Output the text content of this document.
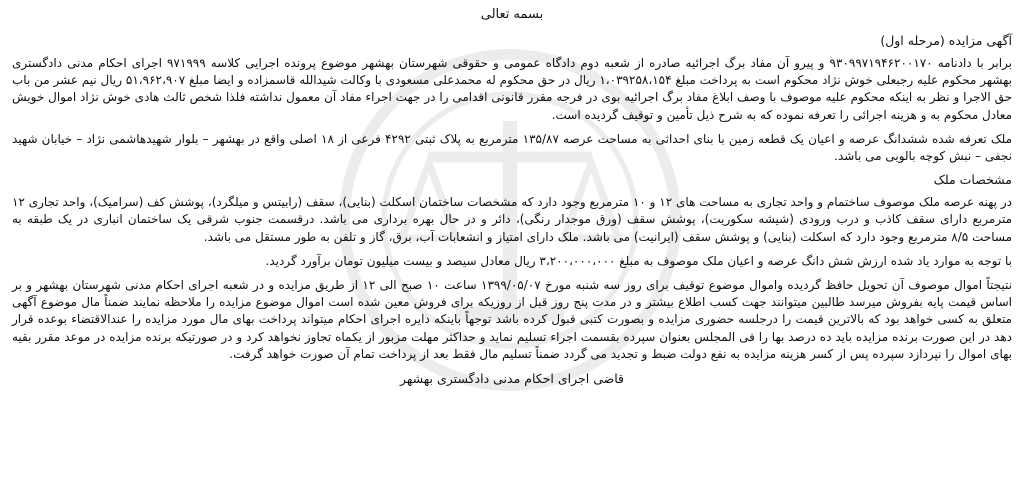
بسمه تعالی

آگهی مزایده (مرحله اول)

برابر با دادنامه ۹۳۰۹۹۷۱۹۴۶۲۰۰۱۷۰ و پیرو آن مفاد برگ اجرائیه صادره از شعبه دوم دادگاه عمومی و حقوقی شهرستان بهشهر موضوع پرونده اجرایی کلاسه ۹۷۱۹۹۹ اجرای احکام مدنی دادگستری بهشهر محکوم علیه رجبعلی خوش نژاد محکوم است به پرداخت مبلغ ۱،۰۳۹۲۵۸،۱۵۴ ریال در حق محکوم له محمدعلی مسعودی با وکالت شیدالله قاسمزاده و ایضا مبلغ ۵۱،۹۶۲،۹۰۷ ریال نیم عشر من باب حق الاجرا و نظر به اینکه محکوم علیه موصوف با وصف ابلاغ مفاد برگ اجرائیه بوی در فرجه مقرر قانونی اقدامی را در جهت اجراء مفاد آن معمول نداشته فلذا شخص ثالث هادی خوش نژاد اموال خویش معادل محکوم به و هزینه اجرائی را تعرفه نموده که به شرح ذیل تأمین و توقیف گردیده است.

ملک تعرفه شده ششدانگ عرصه و اعیان یک قطعه زمین با بنای احداثی به مساحت عرصه ۱۳۵/۸۷ مترمربع به پلاک ثبتی ۴۲۹۲ فرعی از ۱۸ اصلی واقع در بهشهر – بلوار شهیدهاشمی نژاد – خیابان شهید نجفی – نبش کوچه بالویی می باشد.

مشخصات ملک

در پهنه عرصه ملک موصوف ساختمام و واحد تجاری به مساحت های ۱۲ و ۱۰ مترمربع وجود دارد که مشخصات ساختمان اسکلت (بنایی)، سقف (رابیتس و میلگرد)، پوشش کف (سرامیک)، واحد تجاری ۱۲ مترمربع دارای سقف کاذب و درب ورودی (شیشه سکوریت)، پوشش سقف (ورق موجدار رنگی)، دائر و در حال بهره برداری می باشد. درقسمت جنوب شرقی یک ساختمان انباری در یک طبقه به مساحت ۸/۵ مترمربع وجود دارد که اسکلت (بنایی) و پوشش سقف (ایرانیت) می باشد. ملک دارای امتیاز و انشعابات آب، برق، گاز و تلفن به طور مستقل می باشد.

با توجه به موارد یاد شده ارزش شش دانگ عرصه و اعیان ملک موصوف به مبلغ ۳،۲۰۰،۰۰۰،۰۰۰ ریال معادل سیصد و بیست میلیون تومان برآورد گردید.

نتیجتاً اموال موصوف آن تحویل حافظ گردیده واموال موضوع توقیف برای روز سه شنبه مورخ ۱۳۹۹/۰۵/۰۷ ساعت ۱۰ صبح الی ۱۲ از طریق مزایده و در شعبه اجرای احکام مدنی شهرستان بهشهر و بر اساس قیمت پایه بفروش میرسد طالبین میتوانند جهت کسب اطلاع بیشتر و در مدت پنج روز قبل از روزیکه برای فروش معین شده است اموال موضوع مزایده را ملاحظه نمایند ضمناً مال موضوع آگهی متعلق به کسی خواهد بود که بالاترین قیمت را درجلسه حضوری مزایده و بصورت کتبی قبول کرده باشد توجهاً باینکه دایره اجرای احکام میتواند پرداخت بهای مال مورد مزایده را عندالاقتضاء بوعده قرار دهد در این صورت برنده مزایده باید ده درصد بها را فی المجلس بعنوان سپرده بقسمت اجراء تسلیم نماید و حداکثر مهلت مزبور از یکماه تجاوز نخواهد کرد و در صورتیکه برنده مزایده در موعد مقرر بقیه بهای اموال را نپردازد سپرده پس از کسر هزینه مزایده به نفع دولت ضبط و تجدید می گردد ضمناً تسلیم مال فقط بعد از پرداخت تمام آن صورت خواهد گرفت.

قاضی اجرای احکام مدنی دادگستری بهشهر
